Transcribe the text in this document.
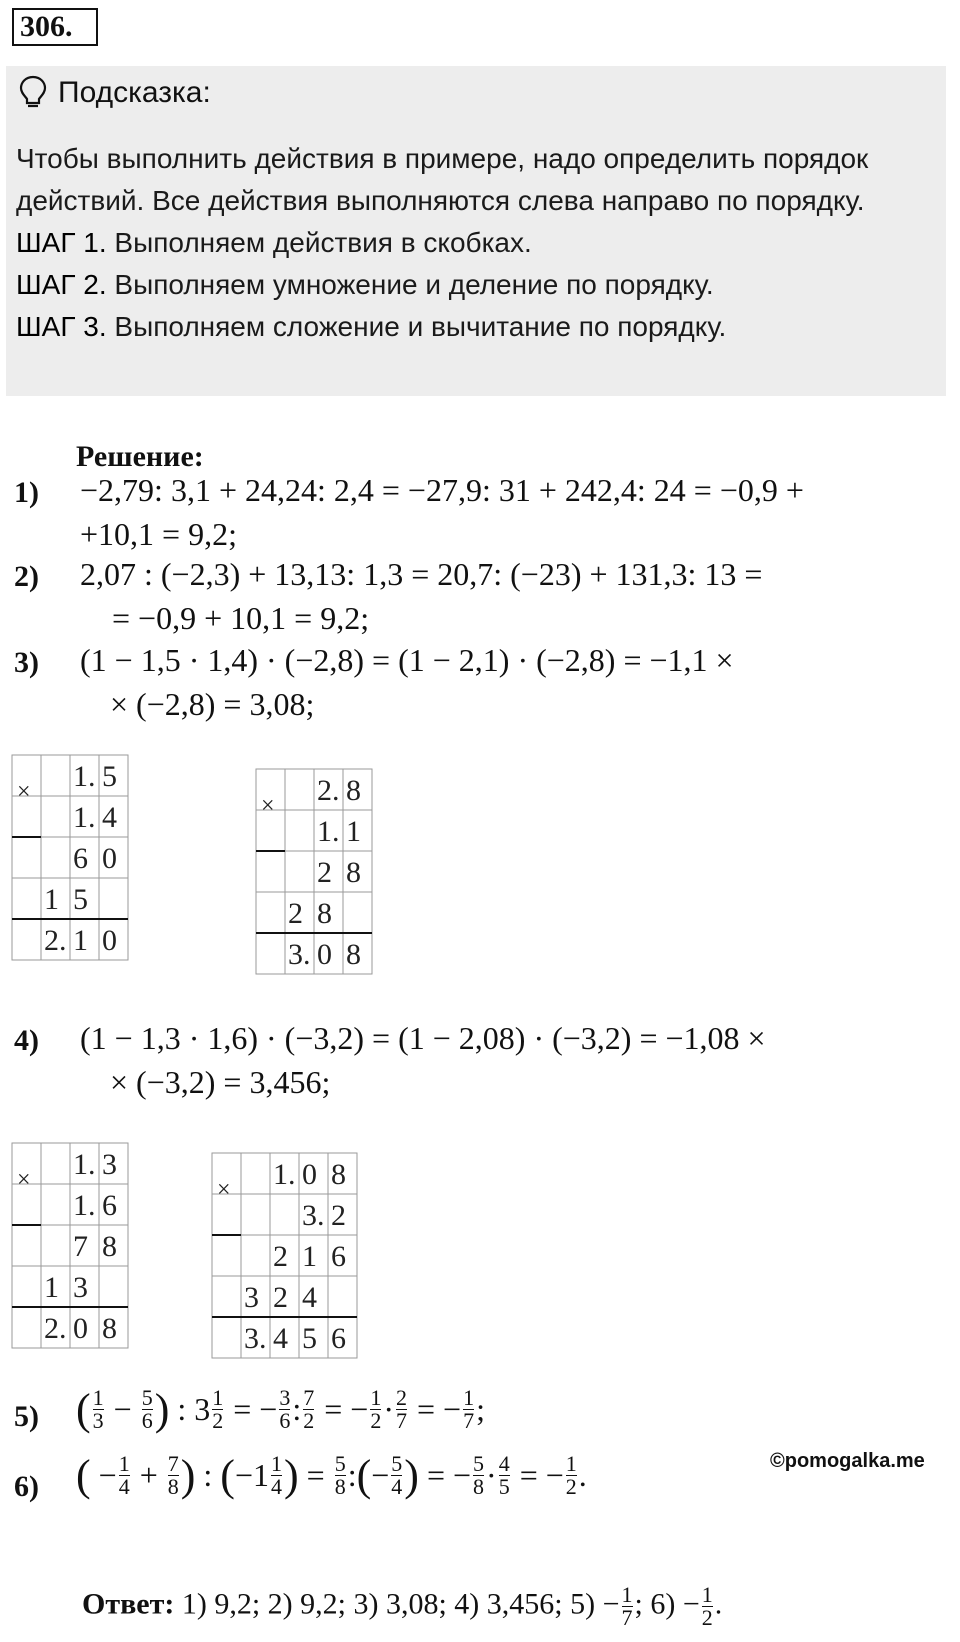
306.
Подсказка:
Чтобы выполнить действия в примере, надо определить порядок действий. Все действия выполняются слева направо по порядку.
ШАГ 1. Выполняем действия в скобках.
ШАГ 2. Выполняем умножение и деление по порядку.
ШАГ 3. Выполняем сложение и вычитание по порядку.
Решение:
1) −2,79: 3,1 + 24,24: 2,4 = −27,9: 31 + 242,4: 24 = −0,9 +
+10,1 = 9,2;
2) 2,07 : (−2,3) + 13,13: 1,3 = 20,7: (−23) + 131,3: 13 =
= −0,9 + 10,1 = 9,2;
3) (1 − 1,5 · 1,4) · (−2,8) = (1 − 2,1) · (−2,8) = −1,1 ×
× (−2,8) = 3,08;
1. 5
1. 4
6 0
1 5
2. 1 0
×	2. 8
1. 1
2 8
2 8
3. 0 8
×
4) (1 − 1,3 · 1,6) · (−3,2) = (1 − 2,08) · (−3,2) = −1,08 ×
× (−3,2) = 3,456;
1. 3
1. 6
7 8
1 3
2. 0 8
×	1. 0 8
3. 2
2 1 6
3 2 4
3. 4 5 6
×
5) ( $\frac{1}{3} - \frac{5}{6}$ ) : $3 \frac{1}{2}$ = − $\frac{3}{6}$ : $\frac{7}{2}$ = − $\frac{1}{2} \cdot \frac{2}{7}$ = − $\frac{1}{7}$ ;
©pomogalka.me
6) ( − $\frac{1}{4} + \frac{7}{8}$ ) : ($-1 \frac{1}{4}$ ) = $\frac{5}{8}$ :(− $\frac{5}{4}$ ) = − $\frac{5}{8} \cdot \frac{4}{5}$ = − $\frac{1}{2}$ .
Ответ: 1) 9,2; 2) 9,2; 3) 3,08; 4) 3,456; $5) - \frac{1}{7}$ ; $6) - \frac{1}{2}$ .
